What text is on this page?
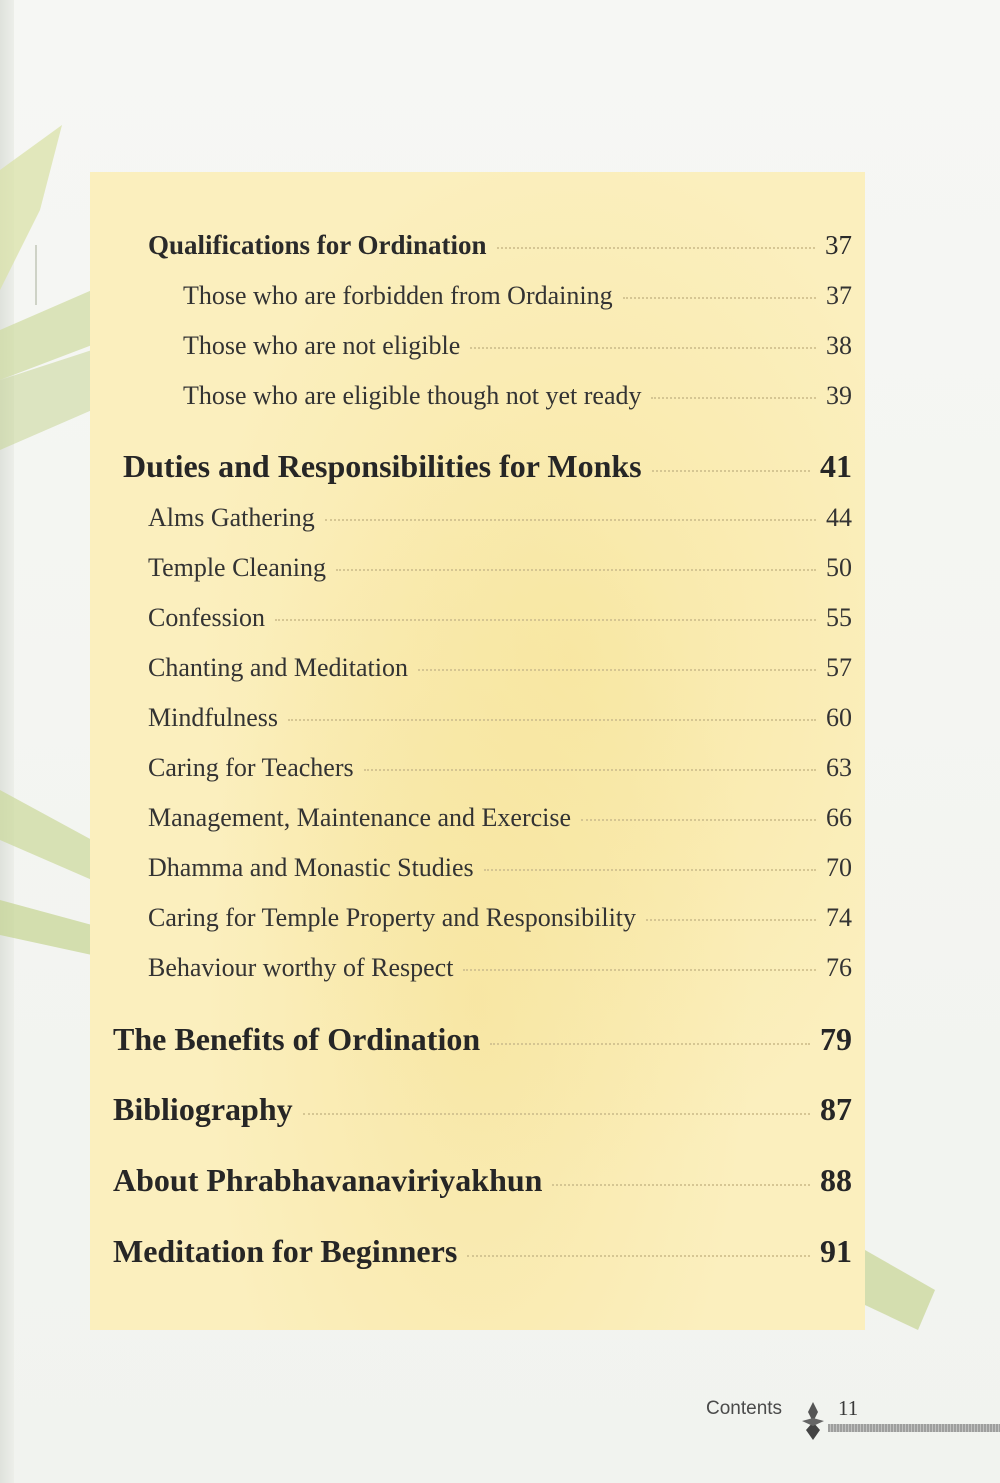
Qualifications for Ordination	37
Those who are forbidden from Ordaining	37
Those who are not eligible	38
Those who are eligible though not yet ready	39
Duties and Responsibilities for Monks	41
Alms Gathering	44
Temple Cleaning	50
Confession	55
Chanting and Meditation	57
Mindfulness	60
Caring for Teachers	63
Management, Maintenance and Exercise	66
Dhamma and Monastic Studies	70
Caring for Temple Property and Responsibility	74
Behaviour worthy of Respect	76
The Benefits of Ordination	79
Bibliography	87
About Phrabhavanaviriyakhun	88
Meditation for Beginners	91
Contents	11
